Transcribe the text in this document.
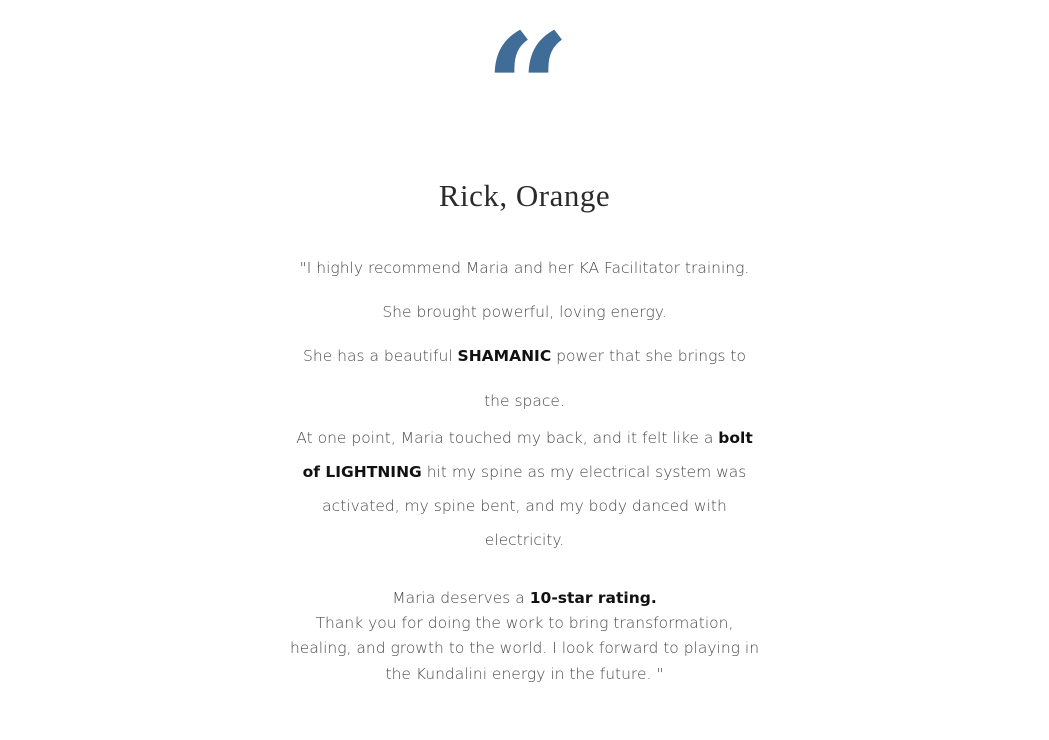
“
Rick, Orange
"I highly recommend Maria and her KA Facilitator training.
She brought powerful, loving energy.
She has a beautiful SHAMANIC power that she brings to
the space.
At one point, Maria touched my back, and it felt like a bolt
of LIGHTNING hit my spine as my electrical system was
activated, my spine bent, and my body danced with
electricity.
Maria deserves a 10-star rating.
Thank you for doing the work to bring transformation,
healing, and growth to the world. I look forward to playing in
the Kundalini energy in the future. "
